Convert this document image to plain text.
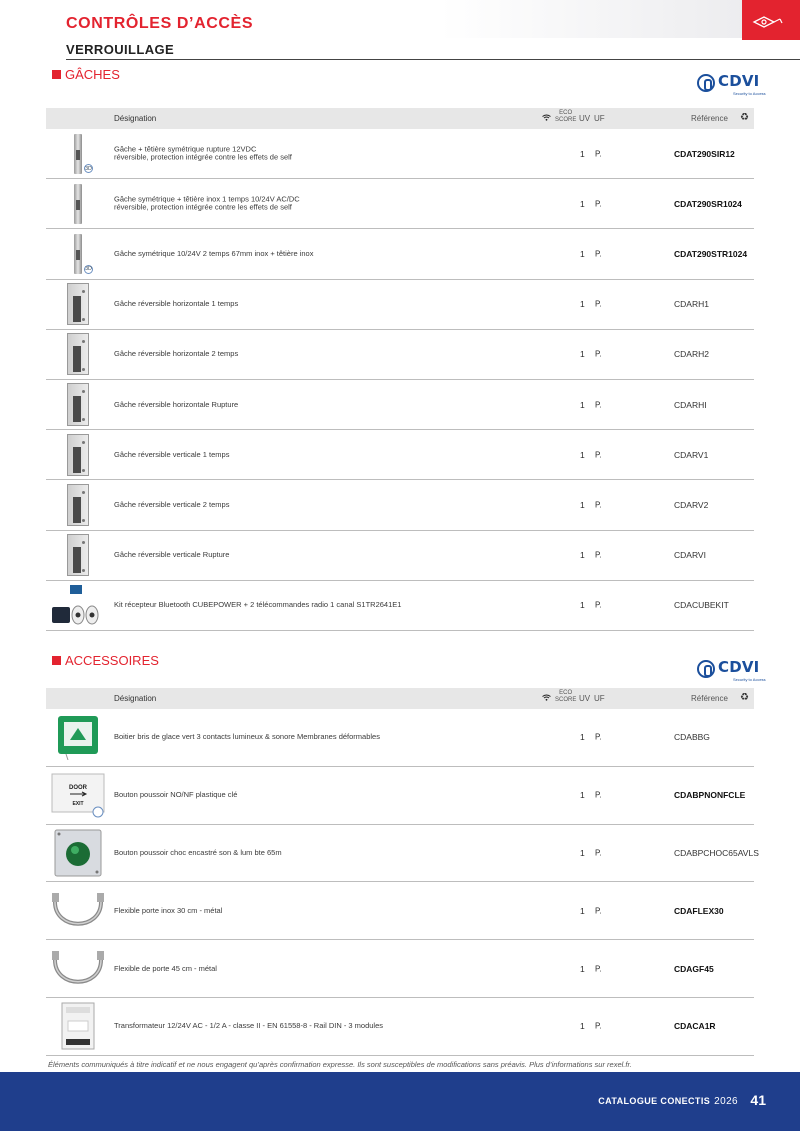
CONTRÔLES D’ACCÈS
VERROUILLAGE
GÂCHES	CDVI
Security to Access
Désignation
ECO
SCORE UV UF	Référence ♻
3D
Gâche + têtière symétrique rupture 12VDC
réversible, protection intégrée contre les effets de self	1 P.	CDAT290SIR12
Gâche symétrique + têtière inox 1 temps 10/24V AC/DC
réversible, protection intégrée contre les effets de self	1 P.	CDAT290SR1024
3D
Gâche symétrique 10/24V 2 temps 67mm inox + têtière inox	1 P.	CDAT290STR1024
Gâche réversible horizontale 1 temps	1 P.	CDARH1
Gâche réversible horizontale 2 temps	1 P.	CDARH2
Gâche réversible horizontale Rupture	1 P.	CDARHI
Gâche réversible verticale 1 temps	1 P.	CDARV1
Gâche réversible verticale 2 temps	1 P.	CDARV2
Gâche réversible verticale Rupture	1 P.	CDARVI
Kit récepteur Bluetooth CUBEPOWER + 2 télécommandes radio 1 canal S1TR2641E1	1 P.	CDACUBEKIT
ACCESSOIRES	CDVI
Security to Access
Désignation
ECO
SCORE UV UF	Référence ♻
Boitier bris de glace vert 3 contacts lumineux & sonore Membranes déformables	1 P.	CDABBG
DOOR
EXIT
Bouton poussoir NO/NF plastique clé	1 P.	CDABPNONFCLE
Bouton poussoir choc encastré son & lum bte 65m	1 P.	CDABPCHOC65AVLS
Flexible porte inox 30 cm - métal	1 P.	CDAFLEX30
Flexible de porte 45 cm - métal	1 P.	CDAGF45
Transformateur 12/24V AC - 1/2 A - classe II - EN 61558-8 - Rail DIN - 3 modules	1 P.	CDACA1R
Éléments communiqués à titre indicatif et ne nous engagent qu’après confirmation expresse. Ils sont susceptibles de modifications sans préavis. Plus d’informations sur rexel.fr.
CATALOGUE CONECTIS 2026 41
